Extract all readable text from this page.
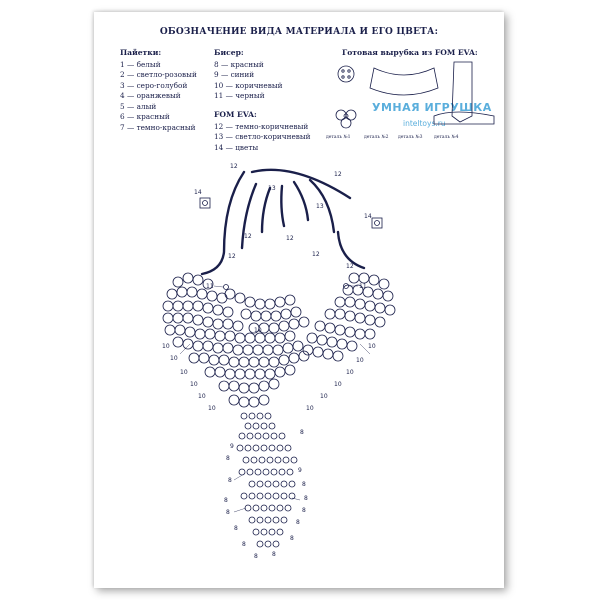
ОБОЗНАЧЕНИЕ ВИДА МАТЕРИАЛА И ЕГО ЦВЕТА:
Пайетки:
1 — белый
2 — светло-розовый
3 — серо-голубой
4 — оранжевый
5 — алый
6 — красный
7 — темно-красный
Бисер:
8 — красный
9 — синий
10 — коричневый
11 — черный
FOM EVA:
12 — темно-коричневый
13 — светло-коричневый
14 — цветы
Готовая вырубка из FOM EVA:
деталь №1	деталь №2 деталь №3	деталь №4
УМНАЯ ИГРУШКА
inteltoys.ru
12
12
13
13
12	12
12	12
12
14
14
11	11
10
10
10
10
10
10
10
10
10
10
10
10
10
9
9
8
8
8
8
8
8
8
8
8
8
8
8
8
8
